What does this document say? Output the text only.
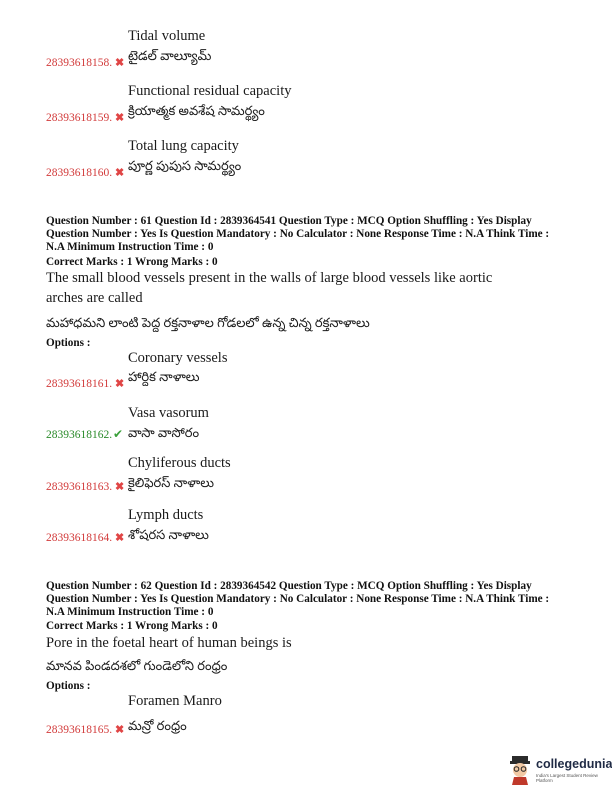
Tidal volume
28393618158. ✖ టైడల్ వాల్యూమ్
Functional residual capacity
28393618159. ✖ క్రియాత్మక అవశేష సామర్థ్యం
Total lung capacity
28393618160. ✖ పూర్ణ పుపుస సామర్థ్యం
Question Number : 61 Question Id : 2839364541 Question Type : MCQ Option Shuffling : Yes Display
Question Number : Yes Is Question Mandatory : No Calculator : None Response Time : N.A Think Time :
N.A Minimum Instruction Time : 0
Correct Marks : 1 Wrong Marks : 0
The small blood vessels present in the walls of large blood vessels like aortic
arches are called
మహాధమని లాంటి పెద్ద రక్తనాళాల గోడలలో ఉన్న చిన్న రక్తనాళాలు
Options :
Coronary vessels
28393618161. ✖ హార్దిక నాళాలు
Vasa vasorum
28393618162. ✔ వాసా వాసోరం
Chyliferous ducts
28393618163. ✖ కైలిఫెరస్ నాళాలు
Lymph ducts
28393618164. ✖ శోషరస నాళాలు
Question Number : 62 Question Id : 2839364542 Question Type : MCQ Option Shuffling : Yes Display
Question Number : Yes Is Question Mandatory : No Calculator : None Response Time : N.A Think Time :
N.A Minimum Instruction Time : 0
Correct Marks : 1 Wrong Marks : 0
Pore in the foetal heart of human beings is
మానవ పిండదశలో గుండెలోని రంధ్రం
Options :
Foramen Manro
28393618165. ✖ మన్రో రంధ్రం
collegedunia
India's Largest Student Review Platform
